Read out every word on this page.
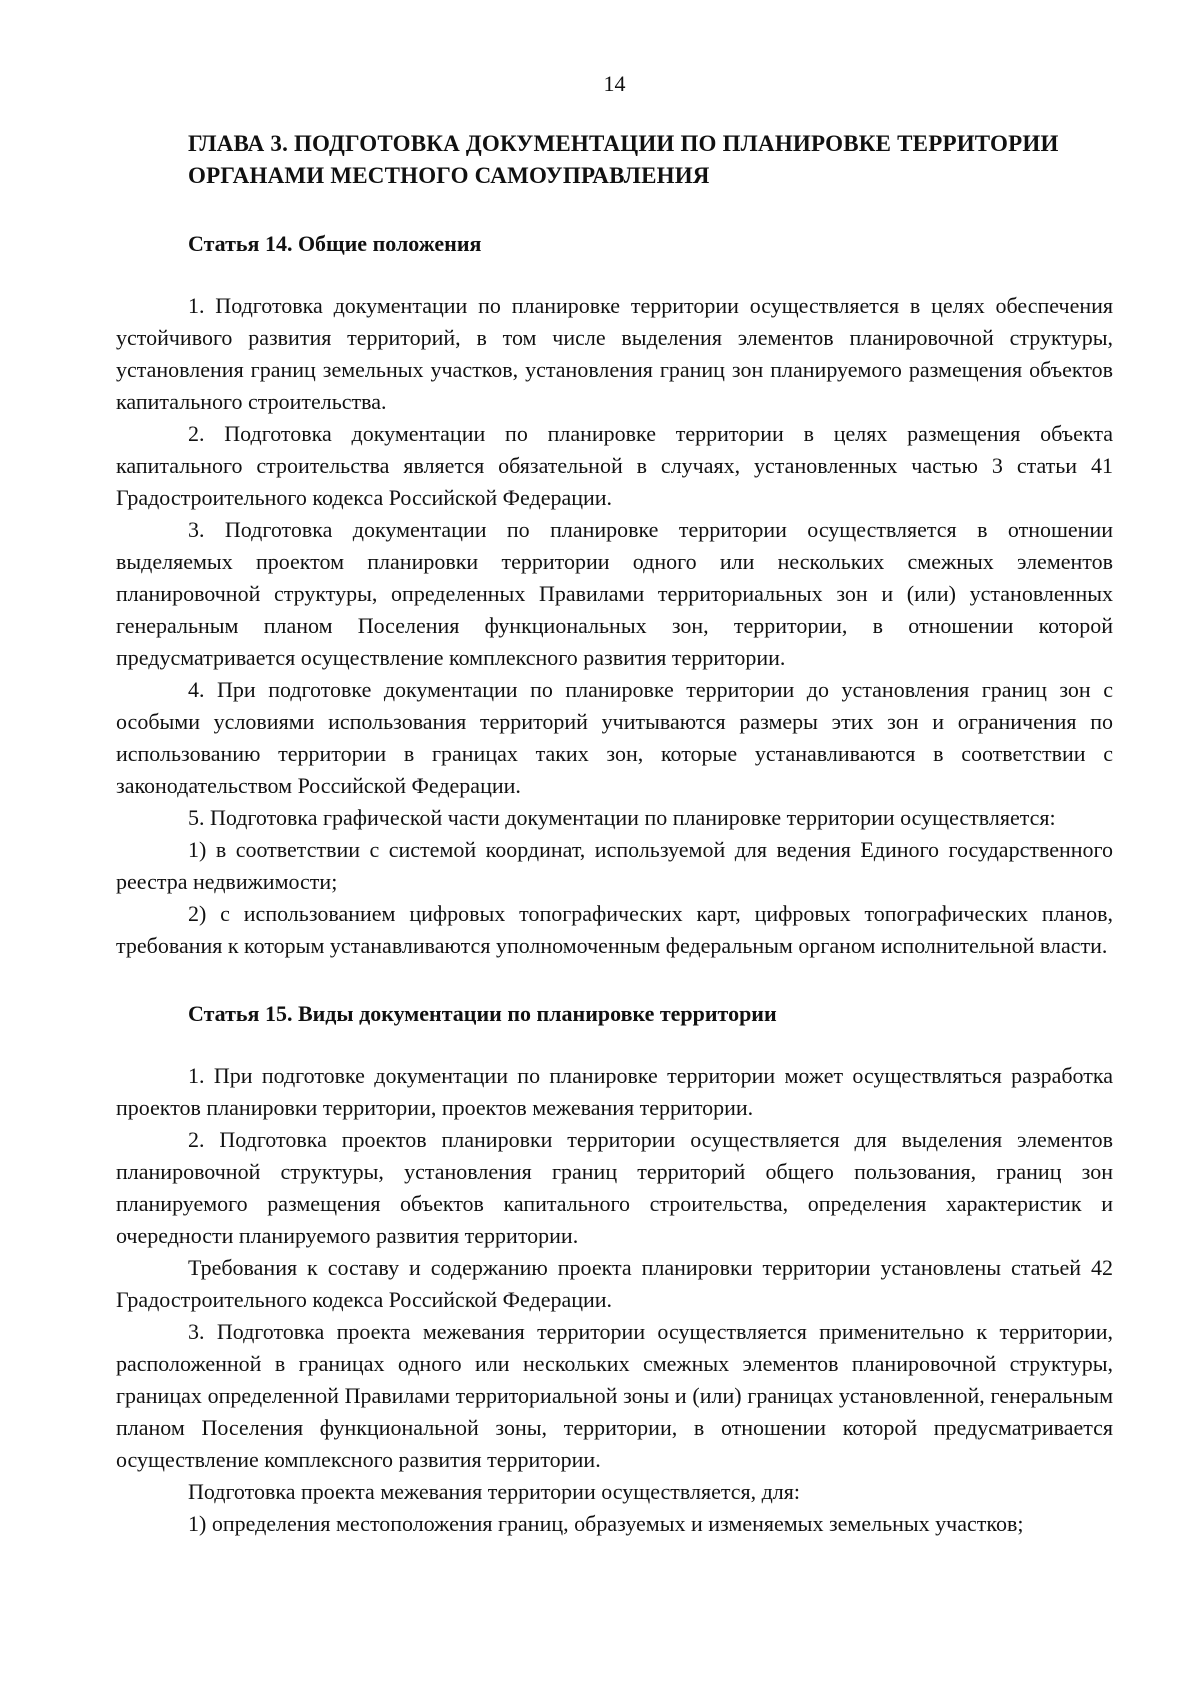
14
ГЛАВА 3. ПОДГОТОВКА ДОКУМЕНТАЦИИ ПО ПЛАНИРОВКЕ ТЕРРИТОРИИ ОРГАНАМИ МЕСТНОГО САМОУПРАВЛЕНИЯ
Статья 14. Общие положения

1. Подготовка документации по планировке территории осуществляется в целях обеспечения устойчивого развития территорий, в том числе выделения элементов планировочной структуры, установления границ земельных участков, установления границ зон планируемого размещения объектов капитального строительства.

2. Подготовка документации по планировке территории в целях размещения объекта капитального строительства является обязательной в случаях, установленных частью 3 статьи 41 Градостроительного кодекса Российской Федерации.

3. Подготовка документации по планировке территории осуществляется в отношении выделяемых проектом планировки территории одного или нескольких смежных элементов планировочной структуры, определенных Правилами территориальных зон и (или) установленных генеральным планом Поселения функциональных зон, территории, в отношении которой предусматривается осуществление комплексного развития территории.

4. При подготовке документации по планировке территории до установления границ зон с особыми условиями использования территорий учитываются размеры этих зон и ограничения по использованию территории в границах таких зон, которые устанавливаются в соответствии с законодательством Российской Федерации.

5. Подготовка графической части документации по планировке территории осуществляется:

1) в соответствии с системой координат, используемой для ведения Единого государственного реестра недвижимости;

2) с использованием цифровых топографических карт, цифровых топографических планов, требования к которым устанавливаются уполномоченным федеральным органом исполнительной власти.

Статья 15. Виды документации по планировке территории

1. При подготовке документации по планировке территории может осуществляться разработка проектов планировки территории, проектов межевания территории.

2. Подготовка проектов планировки территории осуществляется для выделения элементов планировочной структуры, установления границ территорий общего пользования, границ зон планируемого размещения объектов капитального строительства, определения характеристик и очередности планируемого развития территории.

Требования к составу и содержанию проекта планировки территории установлены статьей 42 Градостроительного кодекса Российской Федерации.

3. Подготовка проекта межевания территории осуществляется применительно к территории, расположенной в границах одного или нескольких смежных элементов планировочной структуры, границах определенной Правилами территориальной зоны и (или) границах установленной, генеральным планом Поселения функциональной зоны, территории, в отношении которой предусматривается осуществление комплексного развития территории.

Подготовка проекта межевания территории осуществляется, для:

1) определения местоположения границ, образуемых и изменяемых земельных участков;
